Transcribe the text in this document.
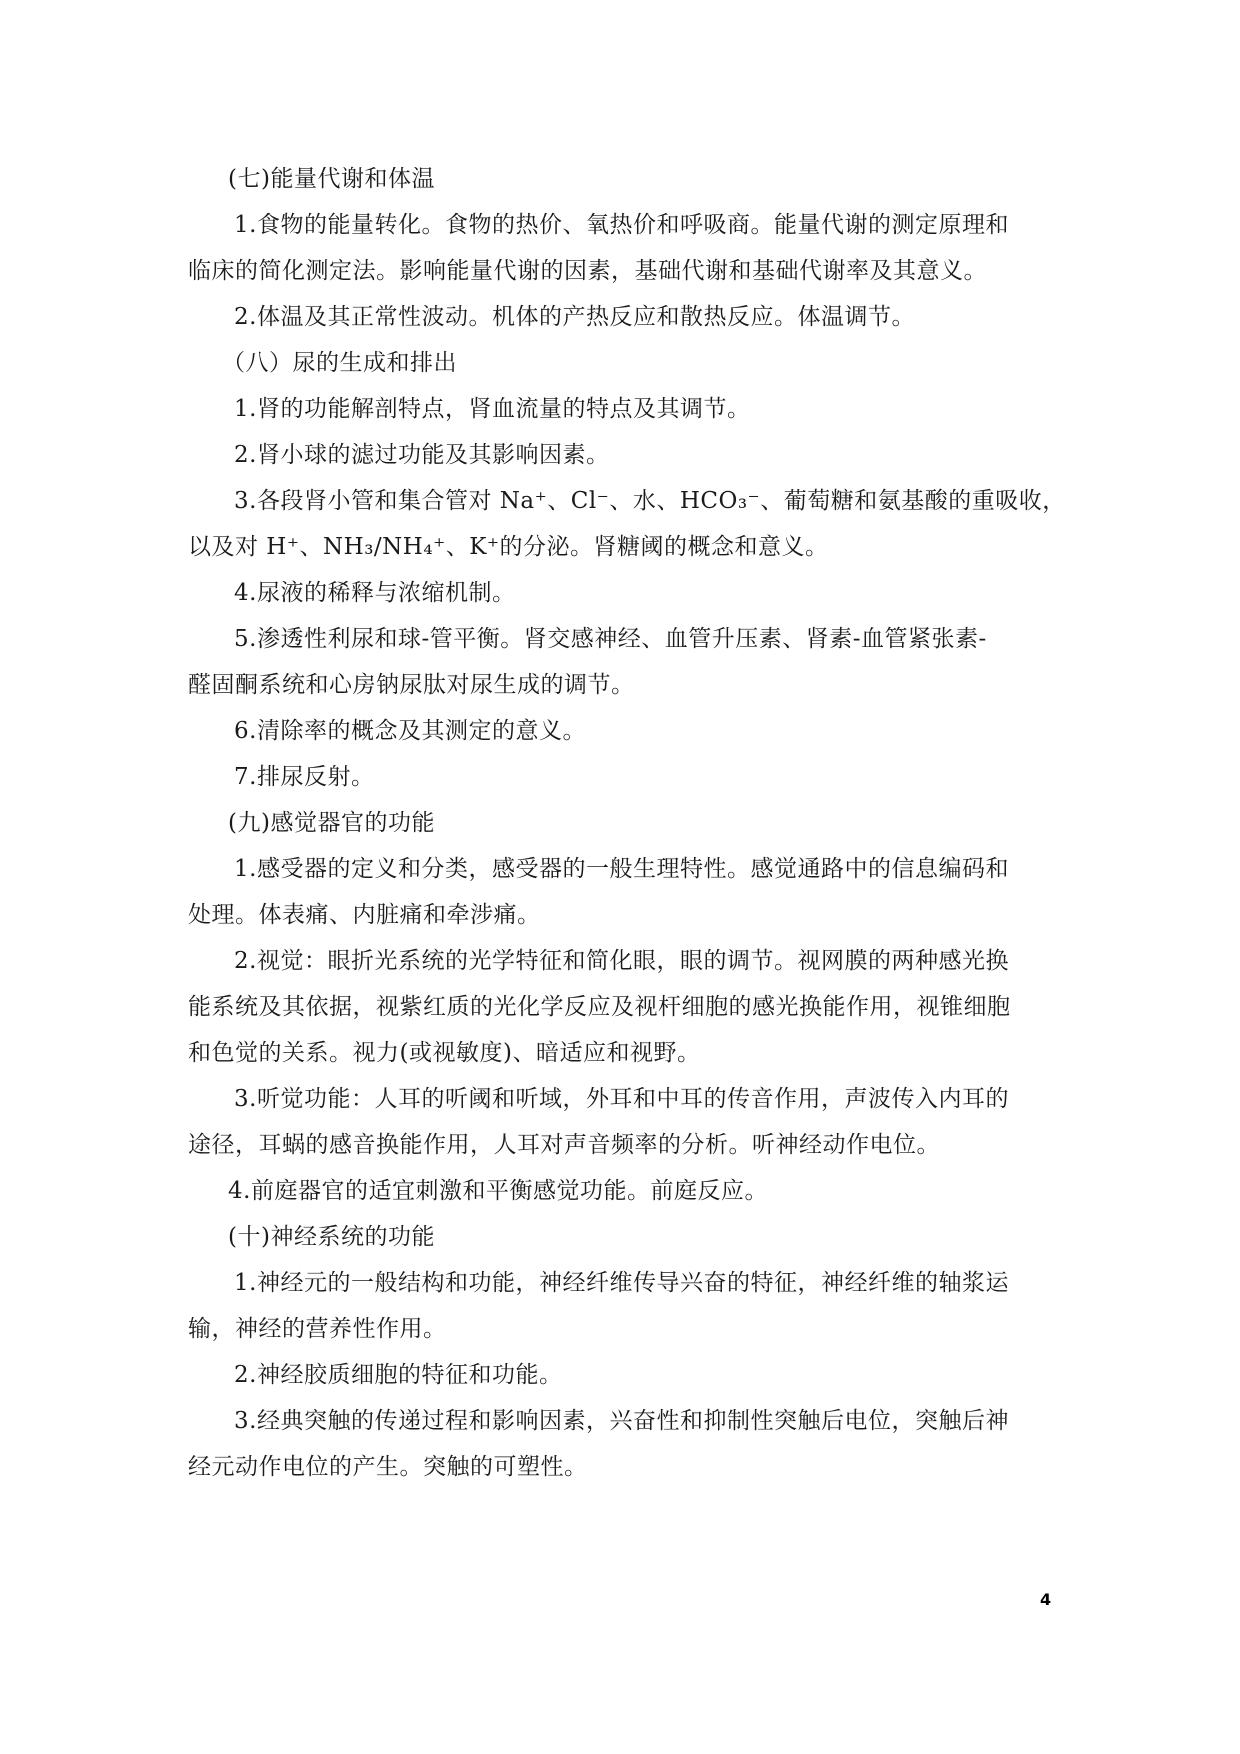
(七)能量代谢和体温
1.食物的能量转化。食物的热价、氧热价和呼吸商。能量代谢的测定原理和
临床的简化测定法。影响能量代谢的因素，基础代谢和基础代谢率及其意义。
2.体温及其正常性波动。机体的产热反应和散热反应。体温调节。
（八）尿的生成和排出
1.肾的功能解剖特点，肾血流量的特点及其调节。
2.肾小球的滤过功能及其影响因素。
3.各段肾小管和集合管对 Na⁺、Cl⁻、水、HCO₃⁻、葡萄糖和氨基酸的重吸收，
以及对 H⁺、NH₃/NH₄⁺、K⁺的分泌。肾糖阈的概念和意义。
4.尿液的稀释与浓缩机制。
5.渗透性利尿和球-管平衡。肾交感神经、血管升压素、肾素-血管紧张素-
醛固酮系统和心房钠尿肽对尿生成的调节。
6.清除率的概念及其测定的意义。
7.排尿反射。
(九)感觉器官的功能
1.感受器的定义和分类，感受器的一般生理特性。感觉通路中的信息编码和
处理。体表痛、内脏痛和牵涉痛。
2.视觉：眼折光系统的光学特征和简化眼，眼的调节。视网膜的两种感光换
能系统及其依据，视紫红质的光化学反应及视杆细胞的感光换能作用，视锥细胞
和色觉的关系。视力(或视敏度)、暗适应和视野。
3.听觉功能：人耳的听阈和听域，外耳和中耳的传音作用，声波传入内耳的
途径，耳蜗的感音换能作用，人耳对声音频率的分析。听神经动作电位。
4.前庭器官的适宜刺激和平衡感觉功能。前庭反应。
(十)神经系统的功能
1.神经元的一般结构和功能，神经纤维传导兴奋的特征，神经纤维的轴浆运
输，神经的营养性作用。
2.神经胶质细胞的特征和功能。
3.经典突触的传递过程和影响因素，兴奋性和抑制性突触后电位，突触后神
经元动作电位的产生。突触的可塑性。
4
